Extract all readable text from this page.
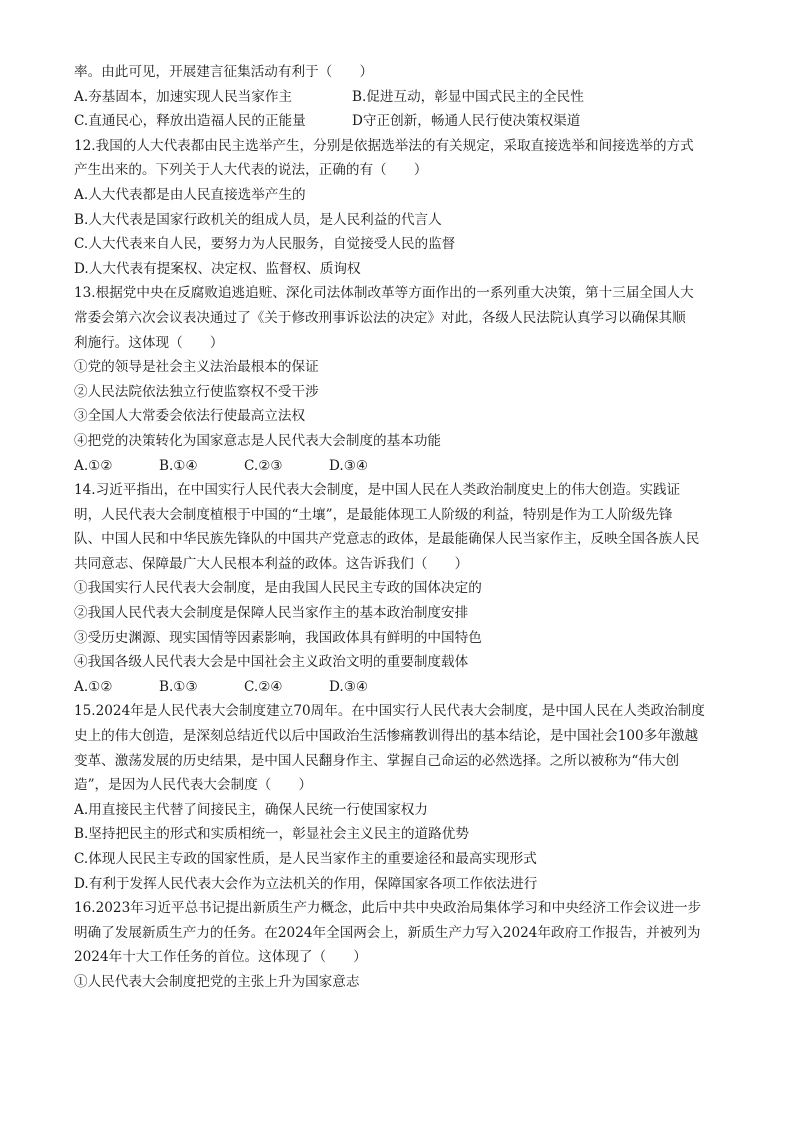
率。由此可见，开展建言征集活动有利于（　　）
A.夯基固本，加速实现人民当家作主	B.促进互动，彰显中国式民主的全民性
C.直通民心，释放出造福人民的正能量	D守正创新，畅通人民行使决策权渠道
12.我国的人大代表都由民主选举产生，分别是依据选举法的有关规定，采取直接选举和间接选举的方式
产生出来的。下列关于人大代表的说法，正确的有（　　）
A.人大代表都是由人民直接选举产生的
B.人大代表是国家行政机关的组成人员，是人民利益的代言人
C.人大代表来自人民，要努力为人民服务，自觉接受人民的监督
D.人大代表有提案权、决定权、监督权、质询权
13.根据党中央在反腐败追逃追赃、深化司法体制改革等方面作出的一系列重大决策，第十三届全国人大
常委会第六次会议表决通过了《关于修改刑事诉讼法的决定》对此，各级人民法院认真学习以确保其顺
利施行。这体现（　　）
①党的领导是社会主义法治最根本的保证
②人民法院依法独立行使监察权不受干涉
③全国人大常委会依法行使最高立法权
④把党的决策转化为国家意志是人民代表大会制度的基本功能
A.①②	B.①④	C.②③	D.③④
14.习近平指出，在中国实行人民代表大会制度，是中国人民在人类政治制度史上的伟大创造。实践证
明，人民代表大会制度植根于中国的“土壤”，是最能体现工人阶级的利益，特别是作为工人阶级先锋
队、中国人民和中华民族先锋队的中国共产党意志的政体，是最能确保人民当家作主，反映全国各族人民
共同意志、保障最广大人民根本利益的政体。这告诉我们（　　）
①我国实行人民代表大会制度，是由我国人民民主专政的国体决定的
②我国人民代表大会制度是保障人民当家作主的基本政治制度安排
③受历史渊源、现实国情等因素影响，我国政体具有鲜明的中国特色
④我国各级人民代表大会是中国社会主义政治文明的重要制度载体
A.①②	B.①③	C.②④	D.③④
15.2024年是人民代表大会制度建立70周年。在中国实行人民代表大会制度，是中国人民在人类政治制度
史上的伟大创造，是深刻总结近代以后中国政治生活惨痛教训得出的基本结论，是中国社会100多年激越
变革、激荡发展的历史结果，是中国人民翻身作主、掌握自己命运的必然选择。之所以被称为“伟大创
造”，是因为人民代表大会制度（　　）
A.用直接民主代替了间接民主，确保人民统一行使国家权力
B.坚持把民主的形式和实质相统一，彰显社会主义民主的道路优势
C.体现人民民主专政的国家性质，是人民当家作主的重要途径和最高实现形式
D.有利于发挥人民代表大会作为立法机关的作用，保障国家各项工作依法进行
16.2023年习近平总书记提出新质生产力概念，此后中共中央政治局集体学习和中央经济工作会议进一步
明确了发展新质生产力的任务。在2024年全国两会上，新质生产力写入2024年政府工作报告，并被列为
2024年十大工作任务的首位。这体现了（　　）
①人民代表大会制度把党的主张上升为国家意志
